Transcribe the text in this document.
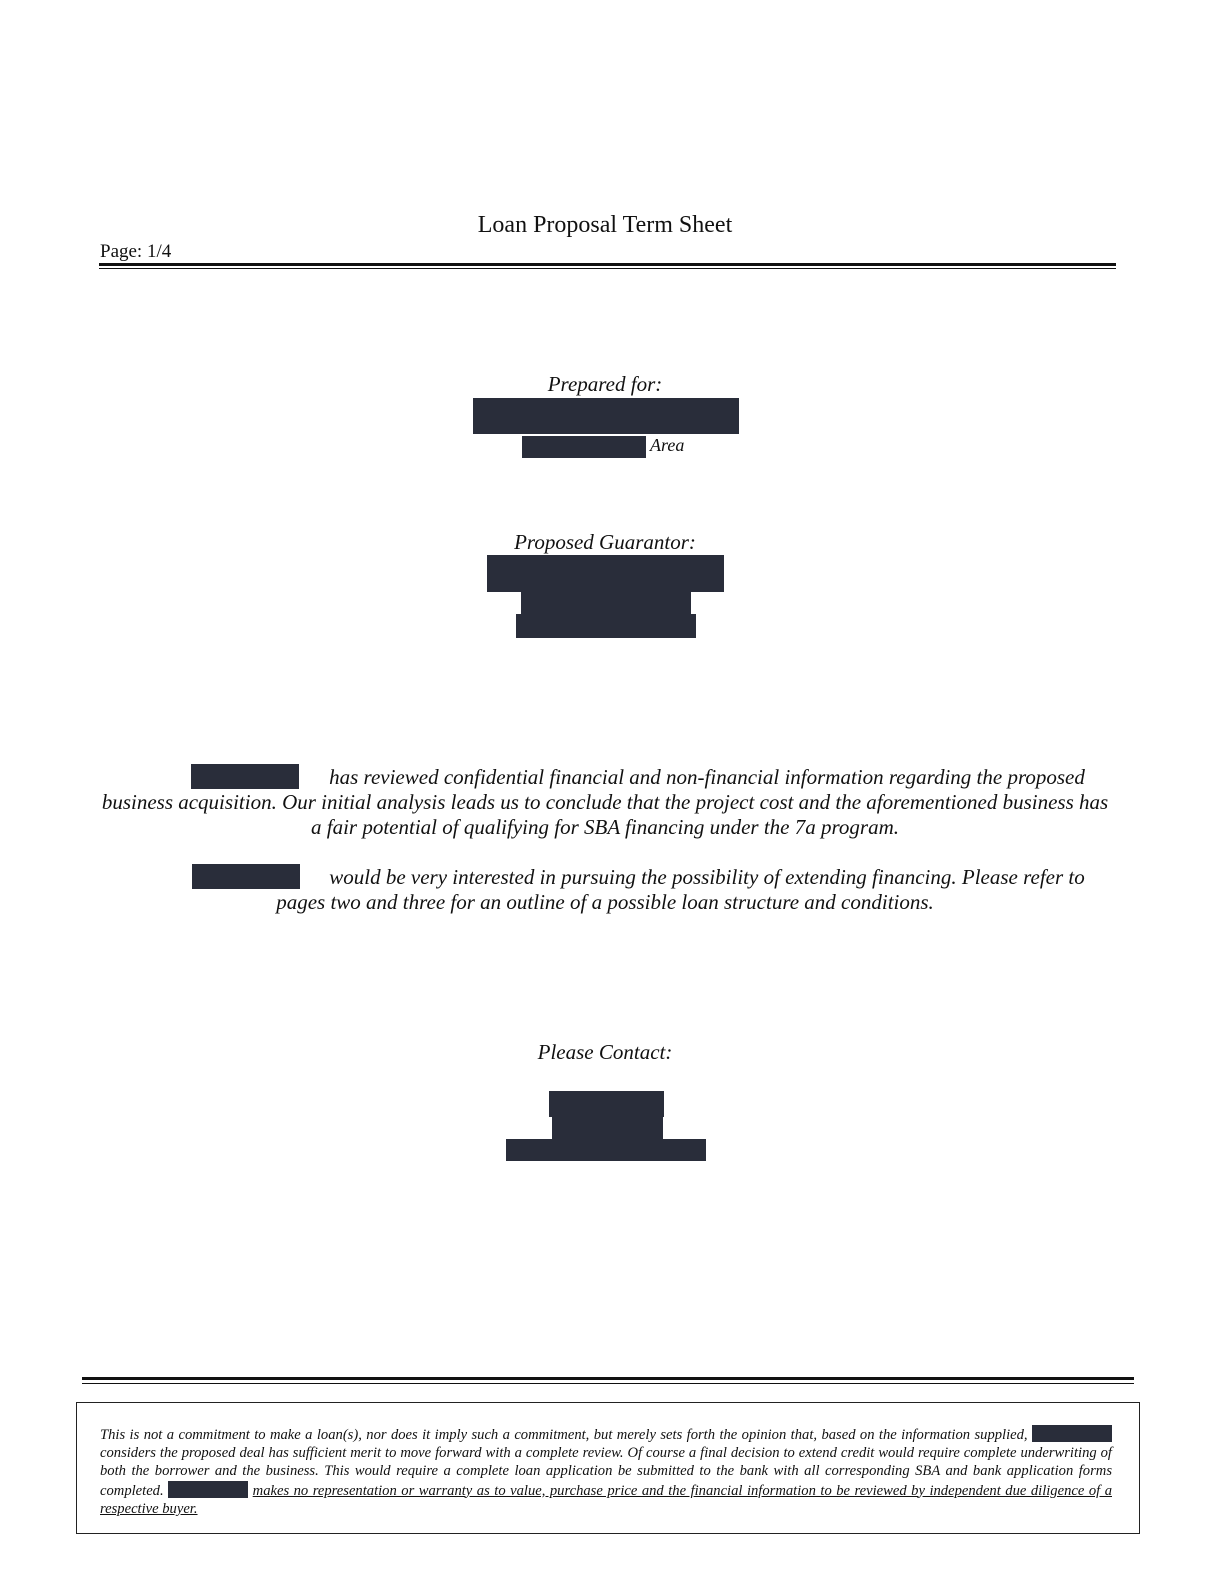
Loan Proposal Term Sheet
Page: 1/4
Prepared for:
Area
Proposed Guarantor:
has reviewed confidential financial and non-financial information regarding the proposed business acquisition. Our initial analysis leads us to conclude that the project cost and the aforementioned business has a fair potential of qualifying for SBA financing under the 7a program.
would be very interested in pursuing the possibility of extending financing. Please refer to pages two and three for an outline of a possible loan structure and conditions.
Please Contact:
This is not a commitment to make a loan(s), nor does it imply such a commitment, but merely sets forth the opinion that, based on the information supplied,  considers the proposed deal has sufficient merit to move forward with a complete review. Of course a final decision to extend credit would require complete underwriting of both the borrower and the business. This would require a complete loan application be submitted to the bank with all corresponding SBA and bank application forms completed.	makes no representation or warranty as to value, purchase price and the financial information to be reviewed by independent due diligence of a respective buyer.
